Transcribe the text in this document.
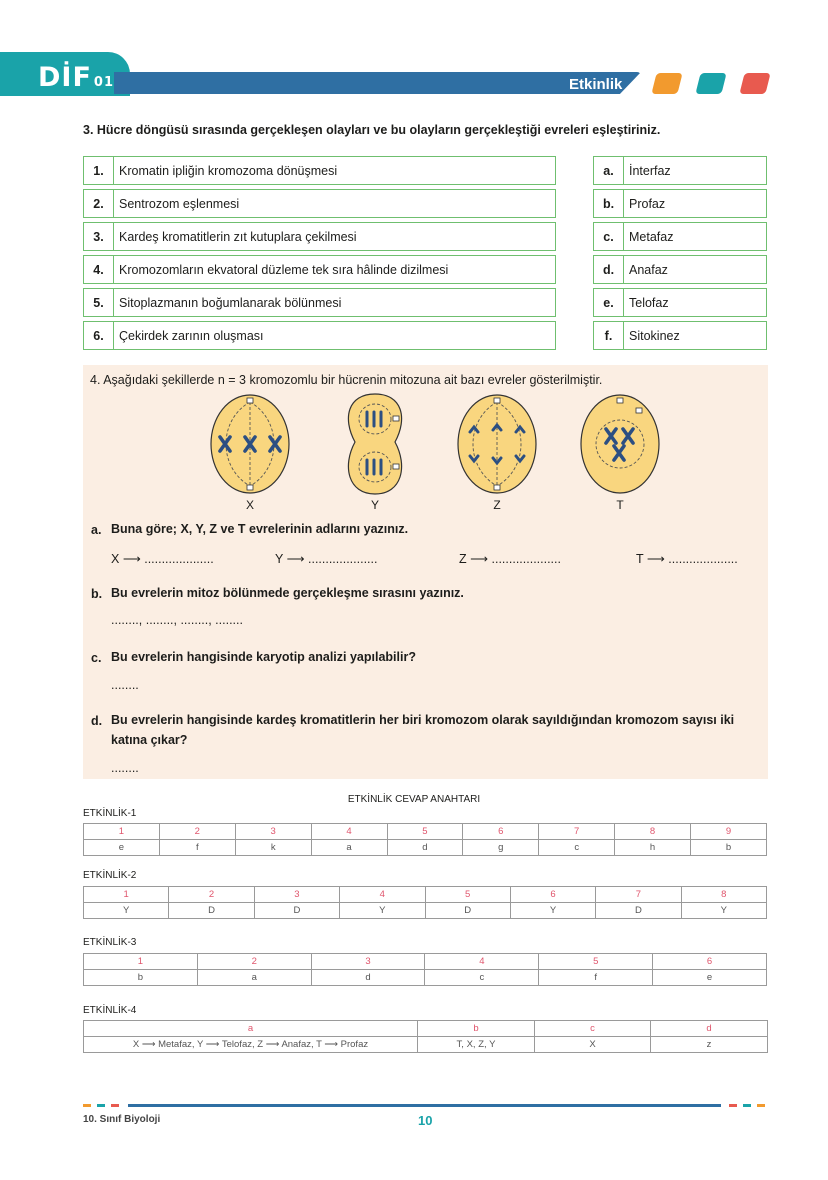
DİF 01	Etkinlik
3. Hücre döngüsü sırasında gerçekleşen olayları ve bu olayların gerçekleştiği evreleri eşleştiriniz.
1.	Kromatin ipliğin kromozoma dönüşmesi
2.	Sentrozom eşlenmesi
3.	Kardeş kromatitlerin zıt kutuplara çekilmesi
4.	Kromozomların ekvatoral düzleme tek sıra hâlinde dizilmesi
5.	Sitoplazmanın boğumlanarak bölünmesi
6.	Çekirdek zarının oluşması
a.	İnterfaz
b.	Profaz
c.	Metafaz
d.	Anafaz
e.	Telofaz
f.	Sitokinez
4. Aşağıdaki şekillerde n = 3 kromozomlu bir hücrenin mitozuna ait bazı evreler gösterilmiştir.
X	Y	Z	T
a. Buna göre; X, Y, Z ve T evrelerinin adlarını yazınız.
X ⟶ ....................	Y ⟶ ....................	Z ⟶ ....................	T ⟶ ....................
b. Bu evrelerin mitoz bölünmede gerçekleşme sırasını yazınız.
........, ........, ........, ........
c. Bu evrelerin hangisinde karyotip analizi yapılabilir?
........
d. Bu evrelerin hangisinde kardeş kromatitlerin her biri kromozom olarak sayıldığından kromozom sayısı iki katına çıkar?
........
ETKİNLİK CEVAP ANAHTARI
ETKİNLİK-1
1	2	3	4	5	6	7	8	9
e	f	k	a	d	g	c	h	b
ETKİNLİK-2
1	2	3	4	5	6	7	8
Y	D	D	Y	D	Y	D	Y
ETKİNLİK-3
1	2	3	4	5	6
b	a	d	c	f	e
ETKİNLİK-4
a	b	c	d
X ⟶ Metafaz, Y ⟶ Telofaz, Z ⟶ Anafaz, T ⟶ Profaz	T, X, Z, Y	X	z
10. Sınıf Biyoloji	10
